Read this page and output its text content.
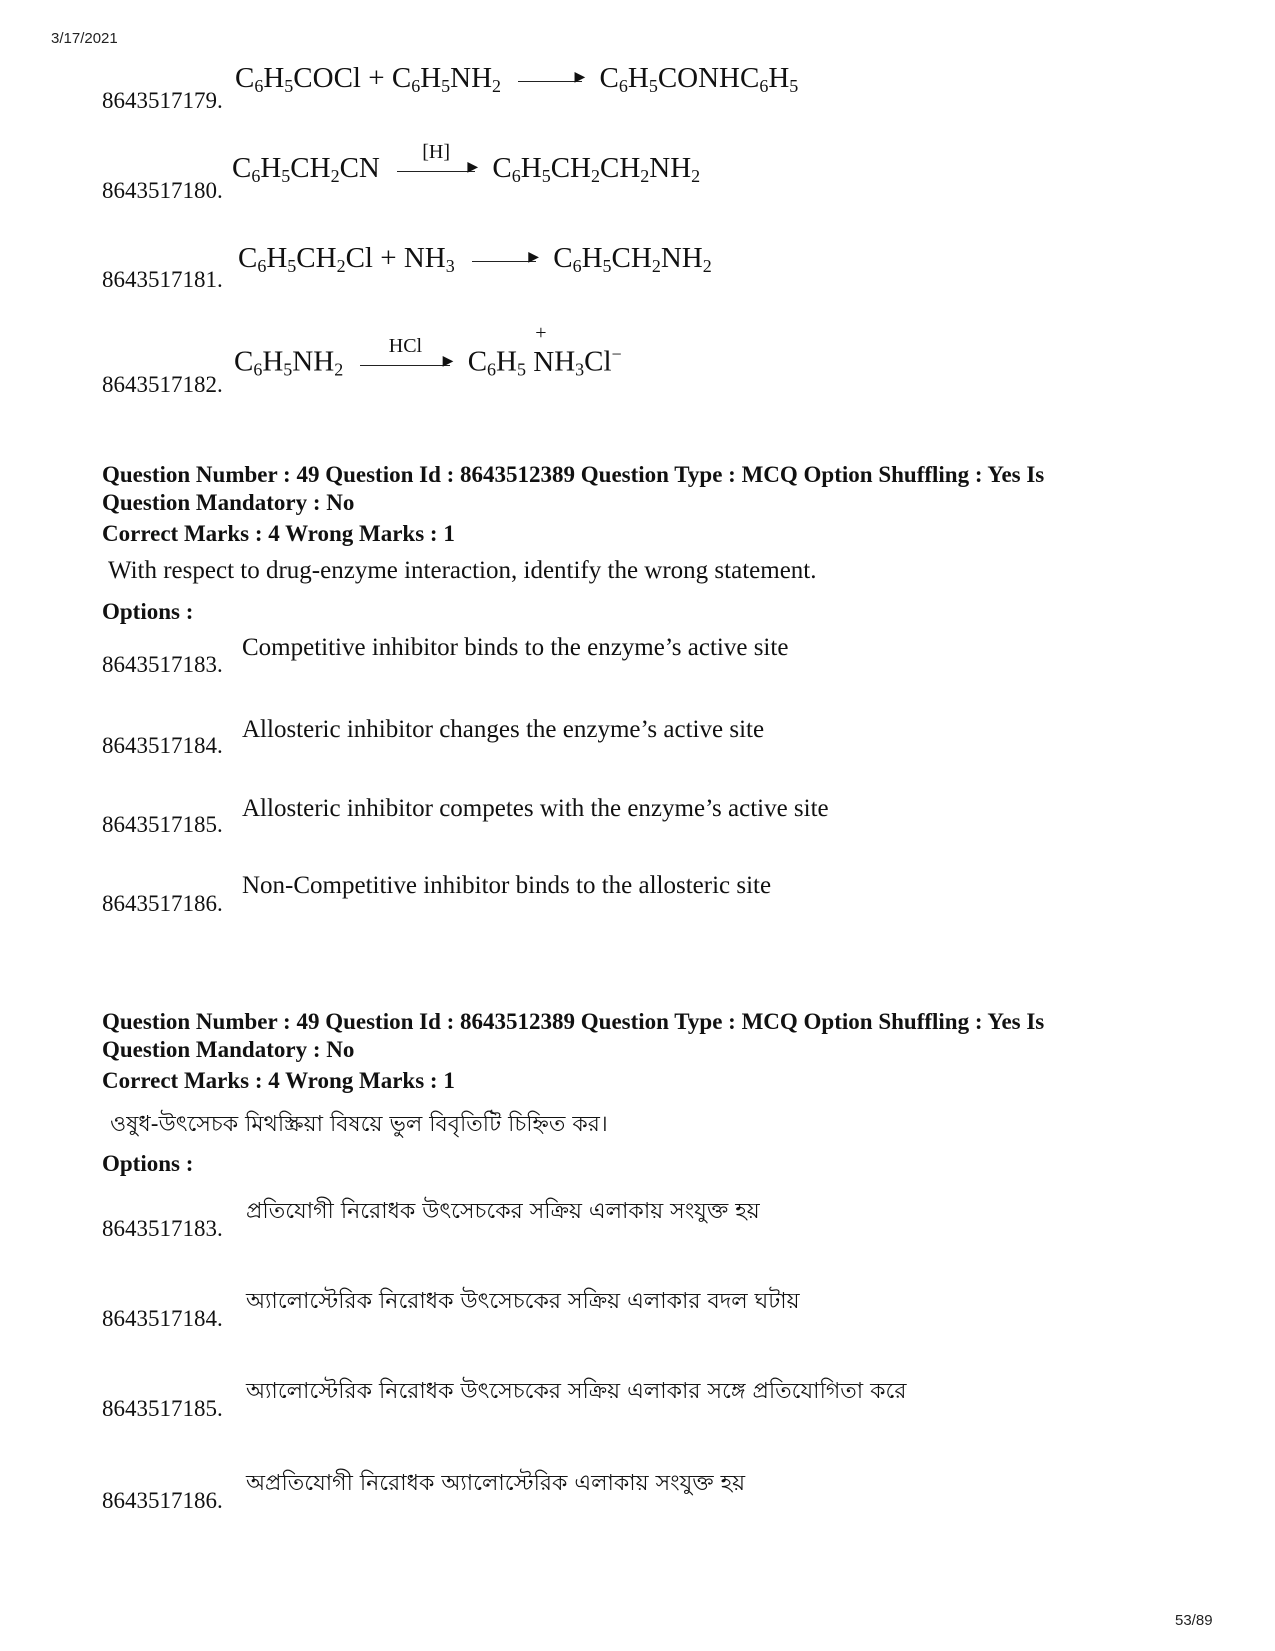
3/17/2021
8643517179.
$C_6H_5COCl + C_6H_5NH_2$	▶ $C_6H_5CONHC_6H_5$
8643517180.
$C_6H_5CH_2CN$
[H]
▶ $C_6H_5CH_2CH_2NH_2$
8643517181.
$C_6H_5CH_2Cl + NH_3$	▶ $C_6H_5CH_2NH_2$
8643517182.
$C_6H_5NH_2$
HCl
▶ $C_6H_5$
+
$NH_3Cl^-$
Question Number : 49 Question Id : 8643512389 Question Type : MCQ Option Shuffling : Yes Is
Question Mandatory : No
Correct Marks : 4 Wrong Marks : 1
With respect to drug-enzyme interaction, identify the wrong statement.
Options :
8643517183.
Competitive inhibitor binds to the enzyme’s active site
8643517184.
Allosteric inhibitor changes the enzyme’s active site
8643517185.
Allosteric inhibitor competes with the enzyme’s active site
8643517186.
Non-Competitive inhibitor binds to the allosteric site
Question Number : 49 Question Id : 8643512389 Question Type : MCQ Option Shuffling : Yes Is
Question Mandatory : No
Correct Marks : 4 Wrong Marks : 1
ওষুধ-উৎসেচক মিথস্ক্রিয়া বিষয়ে ভুল বিবৃতিটি চিহ্নিত কর।
Options :
8643517183.
প্রতিযোগী নিরোধক উৎসেচকের সক্রিয় এলাকায় সংযুক্ত হয়
8643517184.
অ্যালোস্টেরিক নিরোধক উৎসেচকের সক্রিয় এলাকার বদল ঘটায়
8643517185.
অ্যালোস্টেরিক নিরোধক উৎসেচকের সক্রিয় এলাকার সঙ্গে প্রতিযোগিতা করে
8643517186.
অপ্রতিযোগী নিরোধক অ্যালোস্টেরিক এলাকায় সংযুক্ত হয়
53/89
